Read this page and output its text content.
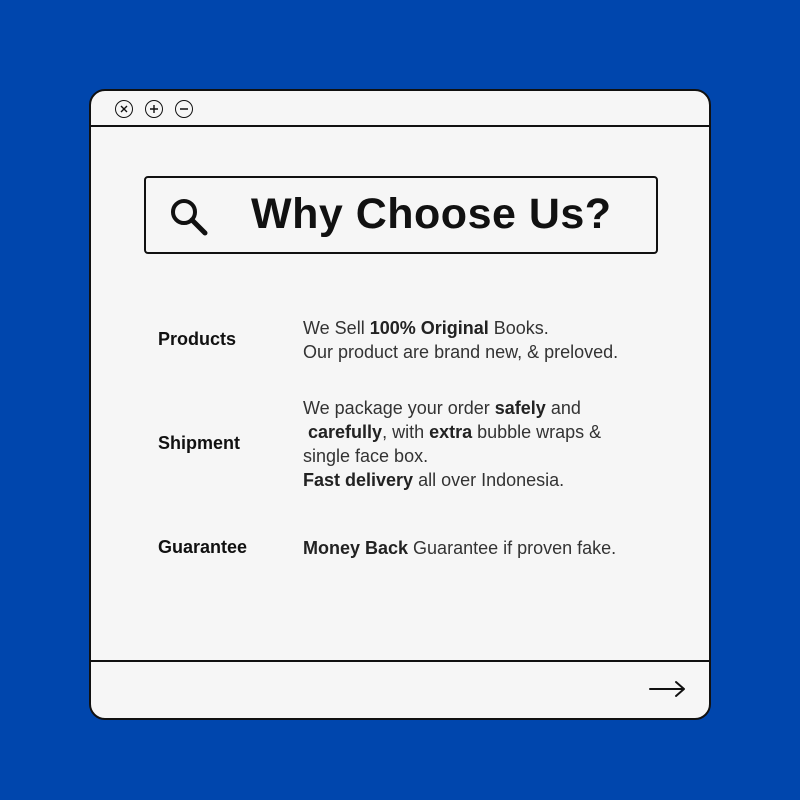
Why Choose Us?
Products

We Sell 100% Original Books.

Our product are brand new, & preloved.

Shipment

We package your order safely and

carefully, with extra bubble wraps &

single face box.

Fast delivery all over Indonesia.

Guarantee	Money Back Guarantee if proven fake.
